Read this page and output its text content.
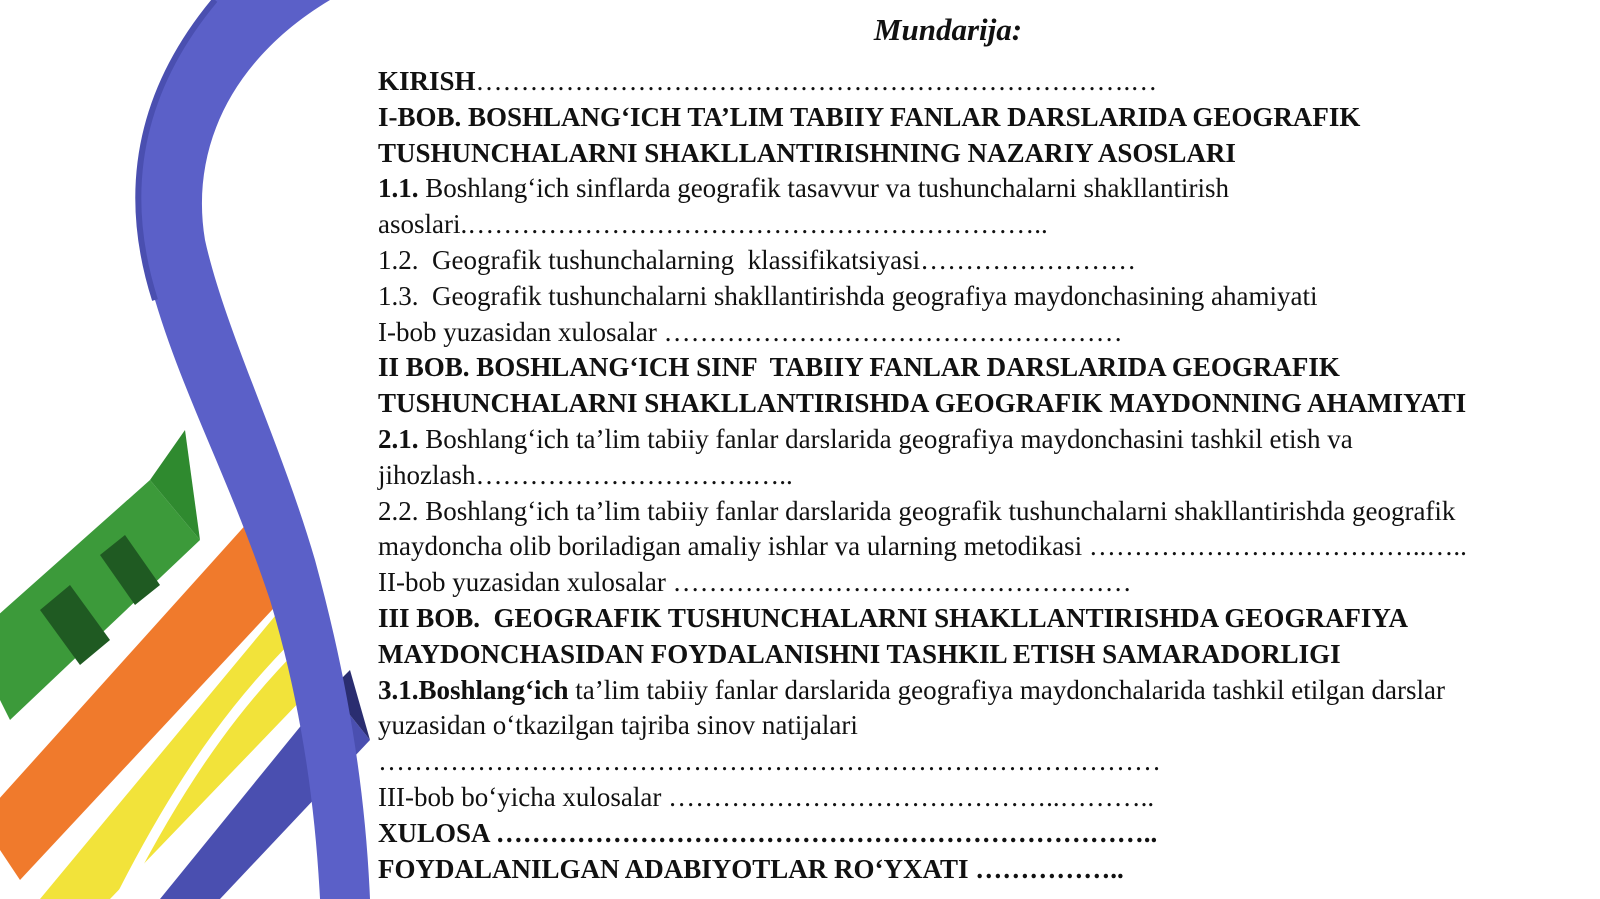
Mundarija:
KIRISH……………………………………………………………….…
I-BOB. BOSHLANG‘ICH TA’LIM TABIIY FANLAR DARSLARIDA GEOGRAFIK
TUSHUNCHALARNI SHAKLLANTIRISHNING NAZARIY ASOSLARI
1.1. Boshlang‘ich sinflarda geografik tasavvur va tushunchalarni shakllantirish
asoslari.………………………………………………………..
1.2.  Geografik tushunchalarning  klassifikatsiyasi……………………
1.3.  Geografik tushunchalarni shakllantirishda geografiya maydonchasining ahamiyati
I-bob yuzasidan xulosalar ……………………………………………
II BOB. BOSHLANG‘ICH SINF  TABIIY FANLAR DARSLARIDA GEOGRAFIK
TUSHUNCHALARNI SHAKLLANTIRISHDA GEOGRAFIK MAYDONNING AHAMIYATI
2.1. Boshlang‘ich ta’lim tabiiy fanlar darslarida geografiya maydonchasini tashkil etish va
jihozlash………………………….…..
2.2. Boshlang‘ich ta’lim tabiiy fanlar darslarida geografik tushunchalarni shakllantirishda geografik
maydoncha olib boriladigan amaliy ishlar va ularning metodikasi ………………………………..…..
II-bob yuzasidan xulosalar ……………………………………………
III BOB.  GEOGRAFIK TUSHUNCHALARNI SHAKLLANTIRISHDA GEOGRAFIYA
MAYDONCHASIDAN FOYDALANISHNI TASHKIL ETISH SAMARADORLIGI
3.1.Boshlang‘ich ta’lim tabiiy fanlar darslarida geografiya maydonchalarida tashkil etilgan darslar
yuzasidan o‘tkazilgan tajriba sinov natijalari
……………………………………………………………………………
III-bob bo‘yicha xulosalar ……………………………………..………..
XULOSA ………………………………………………………………..
FOYDALANILGAN ADABIYOTLAR RO‘YXATI ……………..
